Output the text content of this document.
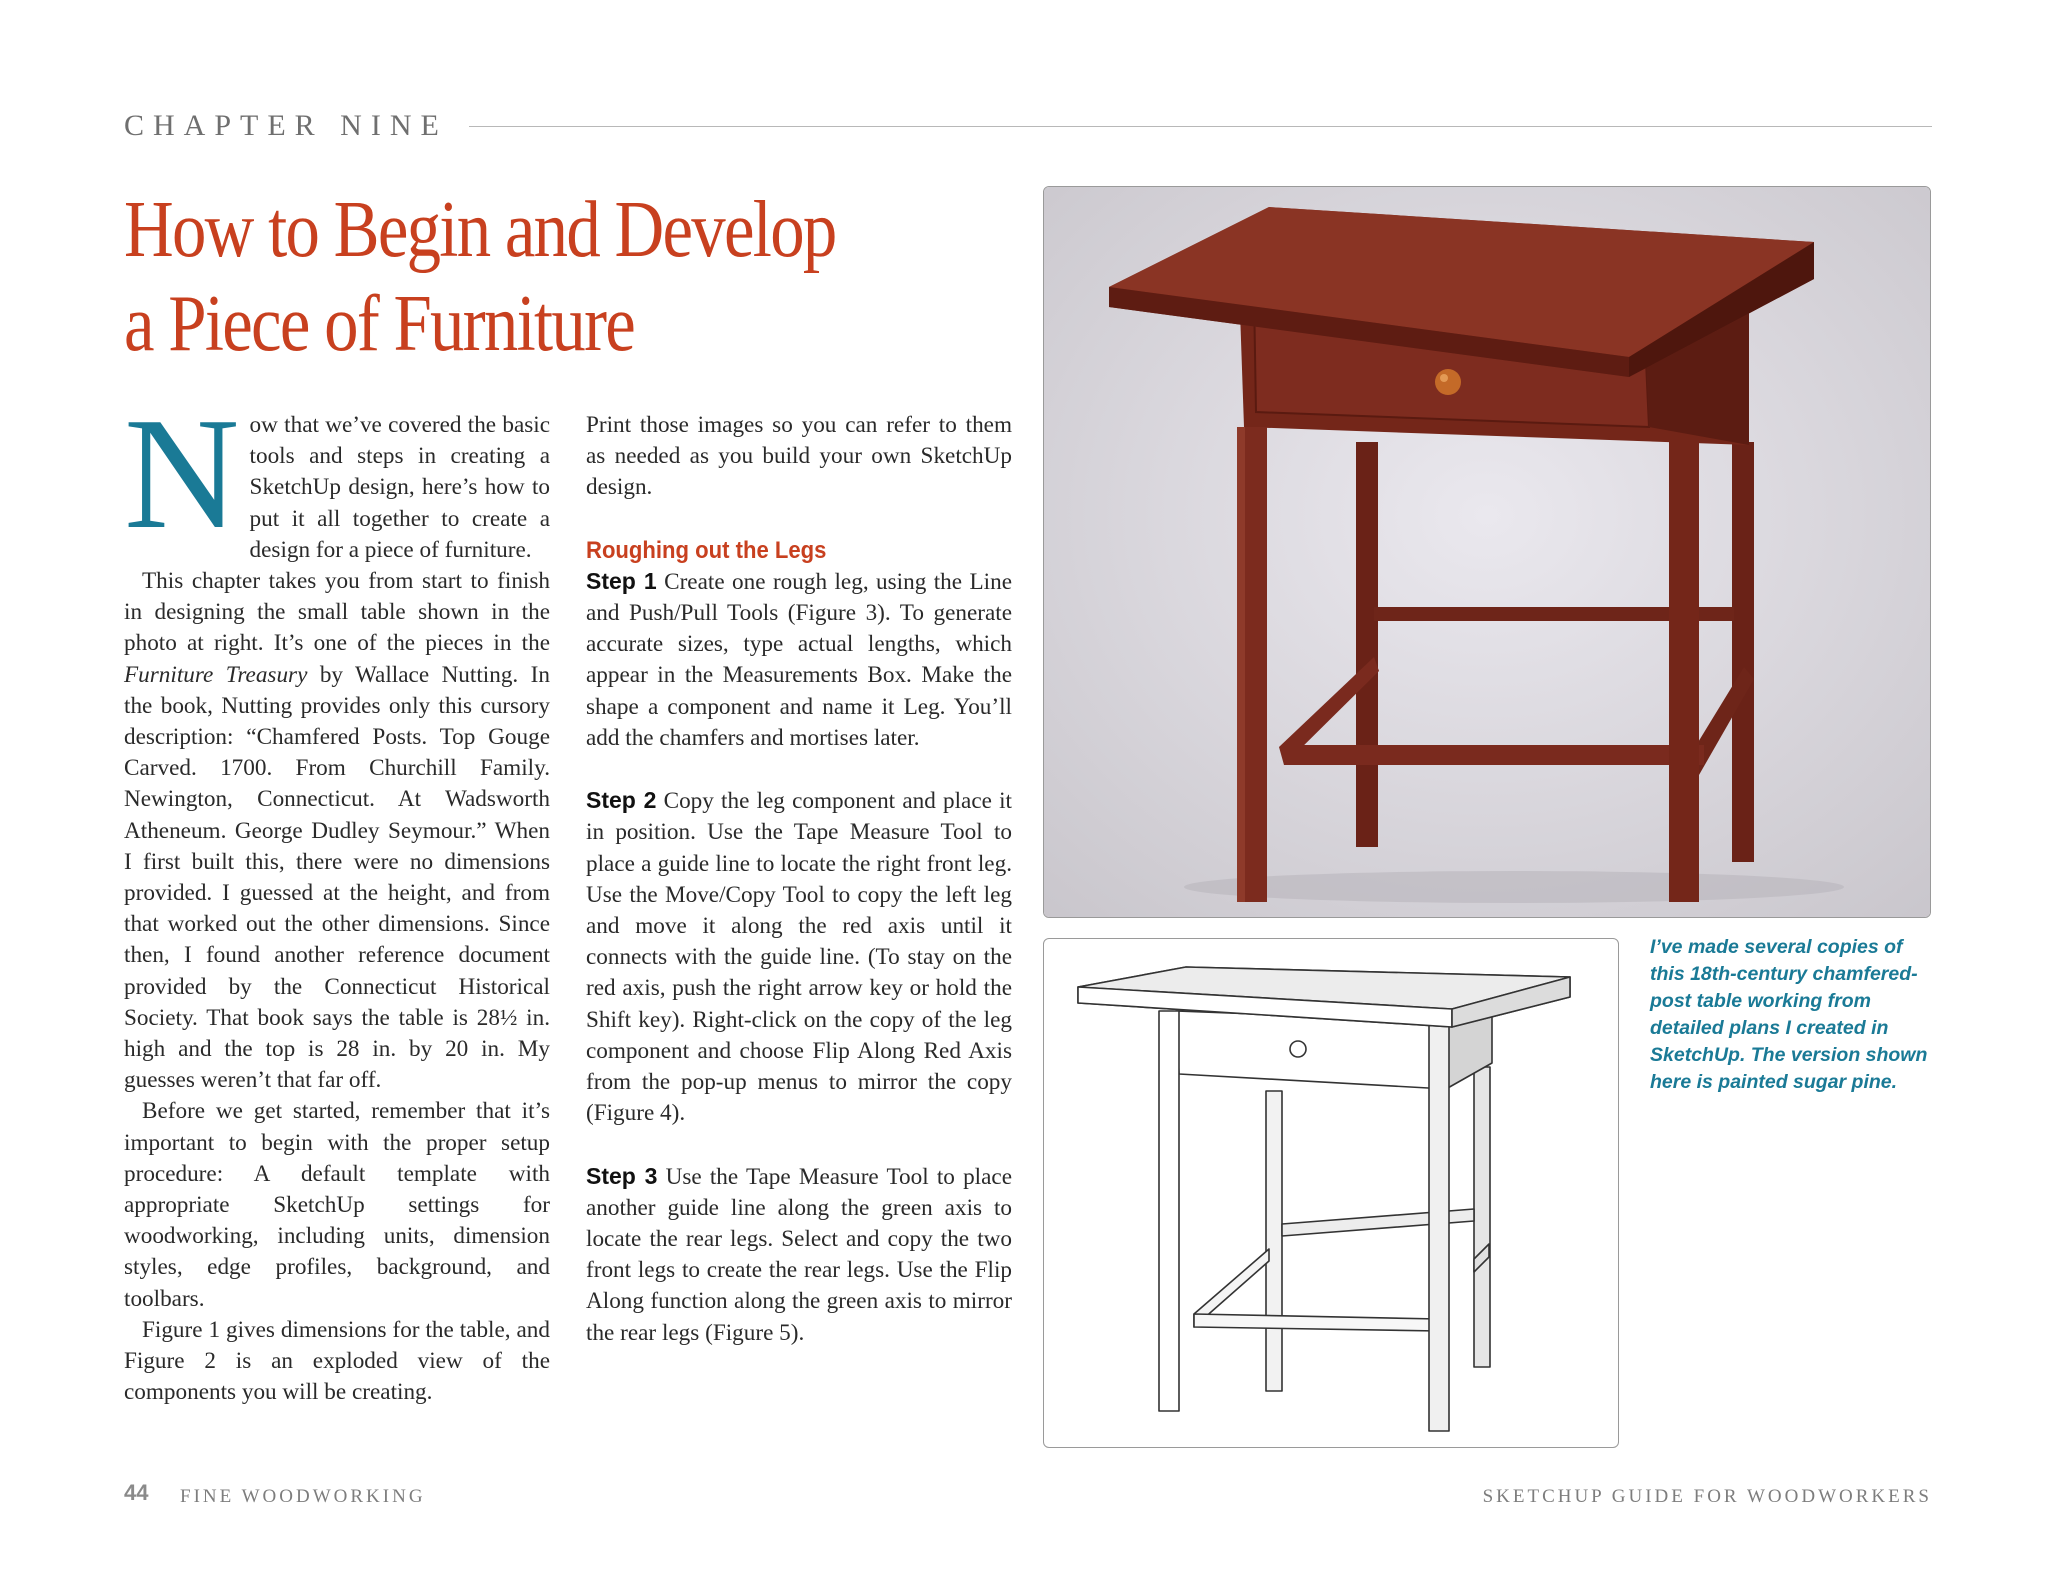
CHAPTER NINE
How to Begin and Develop
a Piece of Furniture

Now that we’ve covered the basic tools and steps in creating a SketchUp design, here’s how to put it all together to create a design for a piece of furniture.

This chapter takes you from start to finish in designing the small table shown in the photo at right. It’s one of the pieces in the Furniture Treasury by Wallace Nutting. In the book, Nutting provides only this cursory description: “Chamfered Posts. Top Gouge Carved. 1700. From Churchill Family. Newington, Connecticut. At Wadsworth Atheneum. George Dudley Seymour.” When I first built this, there were no dimensions provided. I guessed at the height, and from that worked out the other dimensions. Since then, I found another reference document provided by the Connecticut Historical Society. That book says the table is 28½ in. high and the top is 28 in. by 20 in. My guesses weren’t that far off.

Before we get started, remember that it’s important to begin with the proper setup procedure: A default template with appropriate SketchUp settings for woodworking, including units, dimension styles, edge profiles, background, and toolbars.

Figure 1 gives dimensions for the table, and Figure 2 is an exploded view of the components you will be creating.

Print those images so you can refer to them as needed as you build your own SketchUp design.

Roughing out the Legs

Step 1 Create one rough leg, using the Line and Push/Pull Tools (Figure 3). To generate accurate sizes, type actual lengths, which appear in the Measurements Box. Make the shape a component and name it Leg. You’ll add the chamfers and mortises later.

Step 2 Copy the leg component and place it in position. Use the Tape Measure Tool to place a guide line to locate the right front leg. Use the Move/Copy Tool to copy the left leg and move it along the red axis until it connects with the guide line. (To stay on the red axis, push the right arrow key or hold the Shift key). Right-click on the copy of the leg component and choose Flip Along Red Axis from the pop-up menus to mirror the copy (Figure 4).

Step 3 Use the Tape Measure Tool to place another guide line along the green axis to locate the rear legs. Select and copy the two front legs to create the rear legs. Use the Flip Along function along the green axis to mirror the rear legs (Figure 5).

I’ve made several copies of this 18th-century chamfered-post table working from detailed plans I created in SketchUp. The version shown here is painted sugar pine.
44 FINE WOODWORKING	SKETCHUP GUIDE FOR WOODWORKERS
